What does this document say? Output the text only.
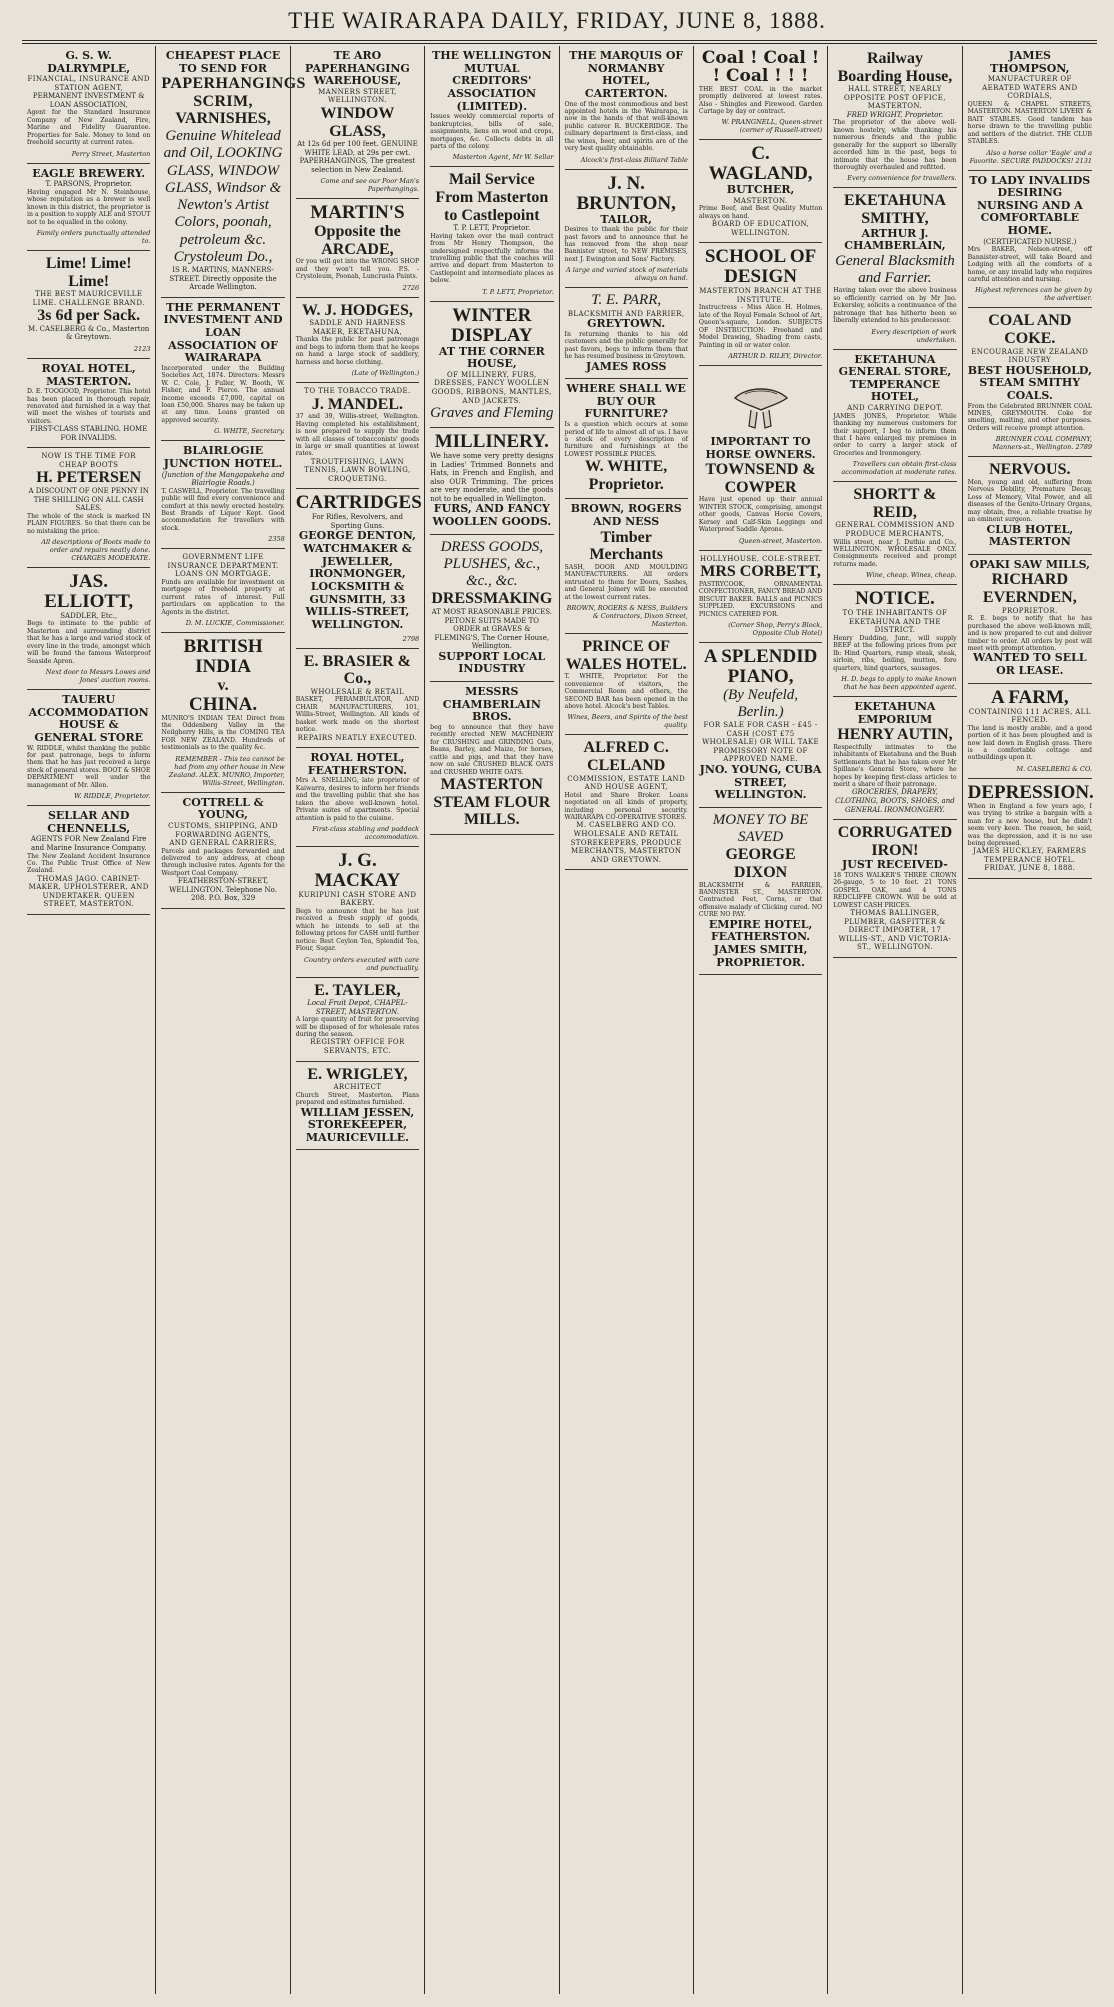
THE WAIRARAPA DAILY, FRIDAY, JUNE 8, 1888.
G. S. W. DALRYMPLE,
FINANCIAL, INSURANCE AND STATION AGENT,
PERMANENT INVESTMENT & LOAN ASSOCIATION,
Agent for the Standard Insurance Company of New Zealand, Fire, Marine and Fidelity Guarantee. Properties for Sale. Money to lend on freehold security at current rates.
Perry Street, Masterton
EAGLE BREWERY.
T. PARSONS, Proprietor.
Having engaged Mr N. Steinhouse, whose reputation as a brewer is well known in this district, the proprietor is in a position to supply ALE and STOUT not to be equalled in the colony.
Family orders punctually attended to.
Lime! Lime! Lime!
THE BEST MAURICEVILLE LIME. CHALLENGE BRAND.
3s 6d per Sack.
M. CASELBERG & Co., Masterton & Greytown.
2123
ROYAL HOTEL, MASTERTON.
D. E. TOOGOOD, Proprietor. This hotel has been placed in thorough repair, renovated and furnished in a way that will meet the wishes of tourists and visitors.
FIRST-CLASS STABLING. HOME FOR INVALIDS.
NOW IS THE TIME FOR CHEAP BOOTS
H. PETERSEN
A DISCOUNT OF ONE PENNY IN THE SHILLING ON ALL CASH SALES.
The whole of the stock is marked IN PLAIN FIGURES. So that there can be no mistaking the price.
All descriptions of Boots made to order and repairs neatly done. CHARGES MODERATE.
JAS. ELLIOTT,
SADDLER, Etc.,
Begs to intimate to the public of Masterton and surrounding district that he has a large and varied stock of every line in the trade, amongst which will be found the famous Waterproof Seaside Apron.
Next door to Messrs Lowes and Jones' auction rooms.
TAUERU ACCOMMODATION HOUSE & GENERAL STORE
W. RIDDLE, whilst thanking the public for past patronage, begs to inform them that he has just received a large stock of general stores. BOOT & SHOE DEPARTMENT well under the management of Mr. Allen.
W. RIDDLE, Proprietor.
SELLAR AND CHENNELLS,
AGENTS FOR New Zealand Fire and Marine Insurance Company.
The New Zealand Accident Insurance Co. The Public Trust Office of New Zealand.
THOMAS JAGO. CABINET-MAKER, UPHOLSTERER, AND UNDERTAKER. QUEEN STREET, MASTERTON.
CHEAPEST PLACE TO SEND FOR
PAPERHANGINGS SCRIM,
VARNISHES,
Genuine Whitelead and Oil, LOOKING GLASS, WINDOW GLASS, Windsor & Newton's Artist Colors, poonah, petroleum &c. Crystoleum Do.,
IS R. MARTINS, MANNERS-STREET. Directly opposite the Arcade Wellington.
THE PERMANENT INVESTMENT AND LOAN ASSOCIATION OF WAIRARAPA
Incorporated under the Building Societies Act, 1874. Directors: Messrs W. C. Cole, J. Fuller, W. Booth, W. Fisher, and F. Pierce. The annual income exceeds £7,000, capital on loan £50,000. Shares may be taken up at any time. Loans granted on approved security.
G. WHITE, Secretary.
BLAIRLOGIE JUNCTION HOTEL.
(Junction of the Mangapakeha and Blairlogie Roads.)
T. CASWELL, Proprietor. The travelling public will find every convenience and comfort at this newly erected hostelry. Best Brands of Liquor Kept. Good accommodation for travellers with stock.
2358
GOVERNMENT LIFE INSURANCE DEPARTMENT.
LOANS ON MORTGAGE.
Funds are available for investment on mortgage of freehold property at current rates of interest. Full particulars on application to the Agents in the district.
D. M. LUCKIE, Commissioner.
BRITISH INDIA
v.
CHINA.
MUNRO'S INDIAN TEA! Direct from the Oddenberg Valley in the Neilgherry Hills, is the COMING TEA FOR NEW ZEALAND. Hundreds of testimonials as to the quality &c.
REMEMBER - This tea cannot be had from any other house in New Zealand. ALEX. MUNRO, Importer, Willis-Street, Wellington.
COTTRELL & YOUNG,
CUSTOMS, SHIPPING, AND FORWARDING AGENTS,
AND GENERAL CARRIERS,
Parcels and packages forwarded and delivered to any address, at cheap through inclusive rates. Agents for the Westport Coal Company.
FEATHERSTON-STREET, WELLINGTON. Telephone No. 208. P.O. Box, 329
TE ARO PAPERHANGING WAREHOUSE,
MANNERS STREET, WELLINGTON.
WINDOW GLASS,
At 12s 6d per 100 feet. GENUINE WHITE LEAD, at 29s per cwt. PAPERHANGINGS, The greatest selection in New Zealand.
Come and see our Poor Man's Paperhangings.
MARTIN'S
Opposite the ARCADE,
Or you will get into the WRONG SHOP and they won't tell you. P.S. - Crystoleum, Poonah, Luncrusta Paints.
2726
W. J. HODGES,
SADDLE AND HARNESS MAKER, EKETAHUNA,
Thanks the public for past patronage and begs to inform them that he keeps on hand a large stock of saddlery, harness and horse clothing.
(Late of Wellington.)
TO THE TOBACCO TRADE.
J. MANDEL.
37 and 39, Willis-street, Wellington. Having completed his establishment, is now prepared to supply the trade with all classes of tobacconists' goods in large or small quantities at lowest rates.
TROUTFISHING, LAWN TENNIS, LAWN BOWLING, CROQUETING.
CARTRIDGES
For Rifles, Revolvers, and Sporting Guns.
GEORGE DENTON, WATCHMAKER & JEWELLER, IRONMONGER, LOCKSMITH & GUNSMITH, 33 WILLIS-STREET, WELLINGTON.
2798
E. BRASIER & Co.,
WHOLESALE & RETAIL
BASKET, PERAMBULATOR, AND CHAIR MANUFACTURERS, 101, Willis-Street, Wellington. All kinds of basket work made on the shortest notice.
REPAIRS NEATLY EXECUTED.
ROYAL HOTEL, FEATHERSTON.
Mrs A. SNELLING, late proprietor of Kaiwarra, desires to inform her friends and the travelling public that she has taken the above well-known hotel. Private suites of apartments. Special attention is paid to the cuisine.
First-class stabling and paddock accommodation.
J. G. MACKAY
KURIPUNI CASH STORE AND BAKERY.
Begs to announce that he has just received a fresh supply of goods, which he intends to sell at the following prices for CASH until further notice: Best Ceylon Tea, Splendid Tea, Flour, Sugar.
Country orders executed with care and punctuality.
E. TAYLER,
Local Fruit Depot, CHAPEL-STREET, MASTERTON.
A large quantity of fruit for preserving will be disposed of for wholesale rates during the season.
REGISTRY OFFICE FOR SERVANTS, ETC.
E. WRIGLEY,
ARCHITECT
Church Street, Masterton. Plans prepared and estimates furnished.
WILLIAM JESSEN, STOREKEEPER, MAURICEVILLE.
THE WELLINGTON MUTUAL CREDITORS' ASSOCIATION (LIMITED).
Issues weekly commercial reports of bankruptcies, bills of sale, assignments, liens on wool and crops, mortgages, &c. Collects debts in all parts of the colony.
Masterton Agent, Mr W. Sellar
Mail Service From Masterton to Castlepoint
T. P. LETT, Proprietor.
Having taken over the mail contract from Mr Henry Thompson, the undersigned respectfully informs the travelling public that the coaches will arrive and depart from Masterton to Castlepoint and intermediate places as below.
T. P. LETT, Proprietor.
WINTER DISPLAY
AT THE CORNER HOUSE,
OF MILLINERY, FURS, DRESSES, FANCY WOOLLEN GOODS, RIBBONS, MANTLES, AND JACKETS.
Graves and Fleming
MILLINERY.
We have some very pretty designs in Ladies' Trimmed Bonnets and Hats, in French and English, and also OUR Trimming. The prices are very moderate, and the goods not to be equalled in Wellington.
FURS, AND FANCY WOOLLEN GOODS.
DRESS GOODS, PLUSHES, &c., &c., &c.
DRESSMAKING
AT MOST REASONABLE PRICES. PETONE SUITS MADE TO ORDER at GRAVES & FLEMING'S, The Corner House, Wellington.
SUPPORT LOCAL INDUSTRY
MESSRS CHAMBERLAIN BROS.
beg to announce that they have recently erected NEW MACHINERY for CRUSHING and GRINDING Oats, Beans, Barley, and Maize, for horses, cattle and pigs, and that they have now on sale CRUSHED BLACK OATS and CRUSHED WHITE OATS.
MASTERTON STEAM FLOUR MILLS.
THE MARQUIS OF NORMANBY HOTEL, CARTERTON.
One of the most commodious and best appointed hotels in the Wairarapa, is now in the hands of that well-known public caterer R. BUCKERIDGE. The culinary department is first-class, and the wines, beer, and spirits are of the very best quality obtainable.
Alcock's first-class Billiard Table
J. N. BRUNTON,
TAILOR,
Desires to thank the public for their past favors and to announce that he has removed from the shop near Bannister street, to NEW PREMISES, next J. Ewington and Sons' Factory.
A large and varied stock of materials always on hand.
T. E. PARR,
BLACKSMITH AND FARRIER,
GREYTOWN.
In returning thanks to his old customers and the public generally for past favors, begs to inform them that he has resumed business in Greytown.
JAMES ROSS
WHERE SHALL WE BUY OUR FURNITURE?
Is a question which occurs at some period of life to almost all of us. I have a stock of every description of furniture and furnishings at the LOWEST POSSIBLE PRICES.
W. WHITE, Proprietor.
BROWN, ROGERS AND NESS
Timber Merchants
SASH, DOOR AND MOULDING MANUFACTURERS. All orders entrusted to them for Doors, Sashes, and General Joinery will be executed at the lowest current rates.
BROWN, ROGERS & NESS, Builders & Contractors, Dixon Street, Masterton.
PRINCE OF WALES HOTEL.
T. WHITE, Proprietor. For the convenience of visitors, the Commercial Room and others, the SECOND BAR has been opened in the above hotel. Alcock's best Tables.
Wines, Beers, and Spirits of the best quality.
ALFRED C. CLELAND
COMMISSION, ESTATE LAND AND HOUSE AGENT,
Hotel and Share Broker. Loans negotiated on all kinds of property, including personal security. WAIRARAPA CO-OPERATIVE STORES.
M. CASELBERG AND CO. WHOLESALE AND RETAIL STOREKEEPERS, PRODUCE MERCHANTS, MASTERTON AND GREYTOWN.
Coal ! Coal ! ! Coal ! ! !
THE BEST COAL in the market promptly delivered at lowest rates. Also - Shingles and Firewood. Garden Cartage by day or contract.
W. PRANGNELL, Queen-street (corner of Russell-street)
C. WAGLAND,
BUTCHER,
MASTERTON.
Prime Beef, and Best Quality Mutton always on hand.
BOARD OF EDUCATION, WELLINGTON.
SCHOOL OF DESIGN
MASTERTON BRANCH AT THE INSTITUTE.
Instructress - Miss Alice H. Holmes, late of the Royal Female School of Art, Queen's-square, London. SUBJECTS OF INSTRUCTION: Freehand and Model Drawing, Shading from casts, Painting in oil or water color.
ARTHUR D. RILEY, Director.
IMPORTANT TO HORSE OWNERS.
TOWNSEND & COWPER
Have just opened up their annual WINTER STOCK, comprising, amongst other goods, Canvas Horse Covers, Kersey and Calf-Skin Leggings and Waterproof Saddle Aprons.
Queen-street, Masterton.
HOLLYHOUSE, COLE-STREET.
MRS CORBETT,
PASTRYCOOK, ORNAMENTAL CONFECTIONER, FANCY BREAD AND BISCUIT BAKER. BALLS and PICNICS SUPPLIED. EXCURSIONS and PICNICS CATERED FOR.
(Corner Shop, Perry's Block, Opposite Club Hotel)
A SPLENDID PIANO,
(By Neufeld, Berlin.)
FOR SALE FOR CASH - £45 - CASH (COST £75 WHOLESALE) OR WILL TAKE PROMISSORY NOTE OF APPROVED NAME.
JNO. YOUNG, CUBA STREET, WELLINGTON.
MONEY TO BE SAVED
GEORGE DIXON
BLACKSMITH & FARRIER, BANNISTER ST., MASTERTON. Contracted Feet, Corns, or that offensive malady of Clicking cured. NO CURE NO PAY.
EMPIRE HOTEL, FEATHERSTON. JAMES SMITH, PROPRIETOR.
Railway Boarding House,
HALL STREET, NEARLY OPPOSITE POST OFFICE, MASTERTON.
FRED WRIGHT, Proprietor.
The proprietor of the above well-known hostelry, while thanking his numerous friends and the public generally for the support so liberally accorded him in the past, begs to intimate that the house has been thoroughly overhauled and refitted.
Every convenience for travellers.
EKETAHUNA SMITHY,
ARTHUR J. CHAMBERLAIN,
General Blacksmith and Farrier.
Having taken over the above business so efficiently carried on by Mr Jno. Eckersley, solicits a continuance of the patronage that has hitherto been so liberally extended to his predecessor.
Every description of work undertaken.
EKETAHUNA GENERAL STORE, TEMPERANCE HOTEL,
AND CARRYING DEPOT.
JAMES JONES, Proprietor. While thanking my numerous customers for their support, I beg to inform them that I have enlarged my premises in order to carry a larger stock of Groceries and Ironmongery.
Travellers can obtain first-class accommodation at moderate rates.
SHORTT & REID,
GENERAL COMMISSION AND PRODUCE MERCHANTS,
Willis street, near J. Duthie and Co., WELLINGTON. WHOLESALE ONLY. Consignments received and prompt returns made.
Wine, cheap. Wines, cheap.
NOTICE.
TO THE INHABITANTS OF EKETAHUNA AND THE DISTRICT.
Henry Dudding, Junr., will supply BEEF at the following prices from per lb: Hind Quarters, rump steak, steak, sirloin, ribs, boiling, mutton, fore quarters, hind quarters, sausages.
H. D. begs to apply to make known that he has been appointed agent.
EKETAHUNA EMPORIUM
HENRY AUTIN,
Respectfully intimates to the inhabitants of Eketahuna and the Bush Settlements that he has taken over Mr Spillane's General Store, where he hopes by keeping first-class articles to merit a share of their patronage.
GROCERIES, DRAPERY, CLOTHING, BOOTS, SHOES, and GENERAL IRONMONGERY.
CORRUGATED IRON!
JUST RECEIVED-
18 TONS WALKER'S THREE CROWN 26-gauge, 5 to 10 feet. 21 TONS GOSPEL OAK, and 4 TONS REDCLIFFE CROWN. Will be sold at LOWEST CASH PRICES.
THOMAS BALLINGER, PLUMBER, GASFITTER & DIRECT IMPORTER, 17 WILLIS-ST., AND VICTORIA-ST., WELLINGTON.
JAMES THOMPSON,
MANUFACTURER OF AERATED WATERS AND CORDIALS,
QUEEN & CHAPEL STREETS, MASTERTON. MASTERTON LIVERY & BAIT STABLES. Good tandem has horse drawn to the travelling public and settlers of the district. THE CLUB STABLES.
Also a horse collar 'Eagle' and a Favorite. SECURE PADDOCKS! 2131
TO LADY INVALIDS DESIRING NURSING AND A COMFORTABLE HOME.
(CERTIFICATED NURSE.)
Mrs BAKER, Nelson-street, off Bannister-street, will take Board and Lodging with all the comforts of a home, or any invalid lady who requires careful attention and nursing.
Highest references can be given by the advertiser.
COAL AND COKE.
ENCOURAGE NEW ZEALAND INDUSTRY
BEST HOUSEHOLD, STEAM SMITHY COALS.
From the Celebrated BRUNNER COAL MINES, GREYMOUTH. Coke for smelting, malting, and other purposes. Orders will receive prompt attention.
BRUNNER COAL COMPANY, Manners-st., Wellington. 2789
NERVOUS.
Men, young and old, suffering from Nervous Debility, Premature Decay, Loss of Memory, Vital Power, and all diseases of the Genito-Urinary Organs, may obtain, free, a reliable treatise by an eminent surgeon.
CLUB HOTEL, MASTERTON
OPAKI SAW MILLS,
RICHARD EVERNDEN,
PROPRIETOR.
R. E. begs to notify that he has purchased the above well-known mill, and is now prepared to cut and deliver timber to order. All orders by post will meet with prompt attention.
WANTED TO SELL OR LEASE.
A FARM,
CONTAINING 111 ACRES, ALL FENCED.
The land is mostly arable, and a good portion of it has been ploughed and is now laid down in English grass. There is a comfortable cottage and outbuildings upon it.
M. CASELBERG & CO.
DEPRESSION.
When in England a few years ago, I was trying to strike a bargain with a man for a new house, but he didn't seem very keen. The reason, he said, was the depression, and it is no use being depressed.
JAMES HUCKLEY, FARMERS TEMPERANCE HOTEL. FRIDAY, JUNE 8, 1888.
